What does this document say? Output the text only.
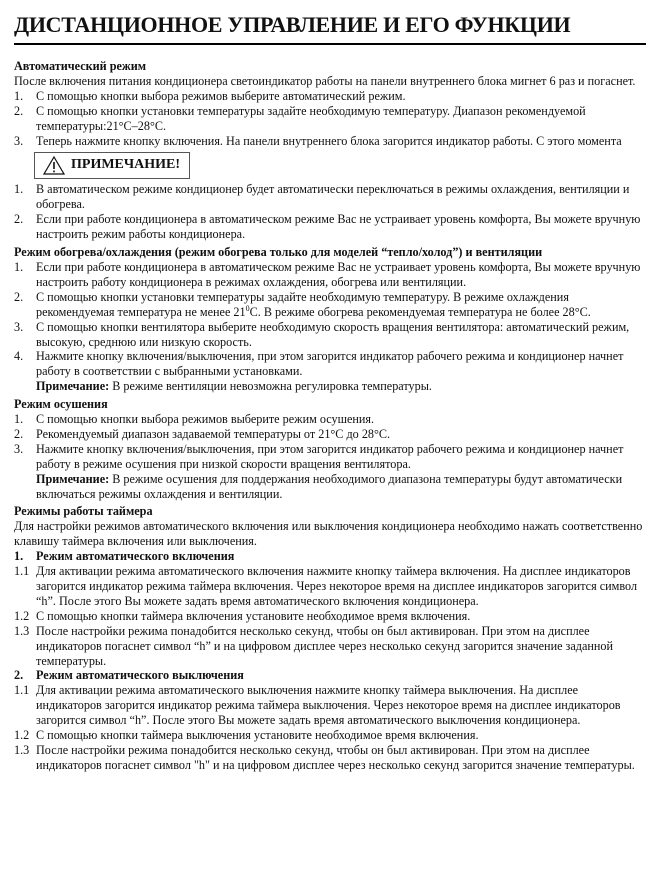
ДИСТАНЦИОННОЕ УПРАВЛЕНИЕ И ЕГО ФУНКЦИИ

Автоматический режим

После включения питания кондиционера светоиндикатор работы на панели внутреннего блока мигнет 6 раз и погаснет.

1. С помощью кнопки выбора режимов выберите автоматический режим.
2. С помощью кнопки установки температуры задайте необходимую температуру. Диапазон рекомендуемой температуры:21°C–28°C.
3. Теперь нажмите кнопку включения. На панели внутреннего блока загорится индикатор работы. С этого момента
ПРИМЕЧАНИЕ!
1. В автоматическом режиме кондиционер будет автоматически переключаться в режимы охлаждения, вентиляции и обогрева.
2. Если при работе кондиционера в автоматическом режиме Вас не устраивает уровень комфорта, Вы можете вручную настроить режим работы кондиционера.

Режим обогрева/охлаждения (режим обогрева только для моделей “тепло/холод”) и вентиляции

1. Если при работе кондиционера в автоматическом режиме Вас не устраивает уровень комфорта, Вы можете вручную настроить работу кондиционера в режимах охлаждения, обогрева или вентиляции.
2. С помощью кнопки установки температуры задайте необходимую температуру. В режиме охлаждения рекомендуемая температура не менее $21^0C$. В режиме обогрева рекомендуемая температура не более 28°C.
3. С помощью кнопки вентилятора выберите необходимую скорость вращения вентилятора: автоматический режим, высокую, среднюю или низкую скорость.
4. Нажмите кнопку включения/выключения, при этом загорится индикатор рабочего режима и кондиционер начнет работу в соответствии с выбранными установками.
Примечание: В режиме вентиляции невозможна регулировка температуры.

Режим осушения

1. С помощью кнопки выбора режимов выберите режим осушения.
2. Рекомендуемый диапазон задаваемой температуры от 21°C до 28°C.
3. Нажмите кнопку включения/выключения, при этом загорится индикатор рабочего режима и кондиционер начнет работу в режиме осушения при низкой скорости вращения вентилятора.
Примечание: В режиме осушения для поддержания необходимого диапазона температуры будут автоматически включаться режимы охлаждения и вентиляции.

Режимы работы таймера

Для настройки режимов автоматического включения или выключения кондиционера необходимо нажать соответственно клавишу таймера включения или выключения.

1. Режим автоматического включения
1.1 Для активации режима автоматического включения нажмите кнопку таймера включения. На дисплее индикаторов загорится индикатор режима таймера включения. Через некоторое время на дисплее индикаторов загорится символ “h”. После этого Вы можете задать время автоматического включения кондиционера.
1.2 С помощью кнопки таймера включения установите необходимое время включения.
1.3 После настройки режима понадобится несколько секунд, чтобы он был активирован. При этом на дисплее индикаторов погаснет символ “h” и на цифровом дисплее через несколько секунд загорится значение заданной температуры.
2. Режим автоматического выключения
1.1 Для активации режима автоматического выключения нажмите кнопку таймера выключения. На дисплее индикаторов загорится индикатор режима таймера выключения. Через некоторое время на дисплее индикаторов загорится символ “h”. После этого Вы можете задать время автоматического выключения кондиционера.
1.2 С помощью кнопки таймера выключения установите необходимое время включения.
1.3 После настройки режима понадобится несколько секунд, чтобы он был активирован. При этом на дисплее индикаторов погаснет символ "h" и на цифровом дисплее через несколько секунд загорится значение температуры.
